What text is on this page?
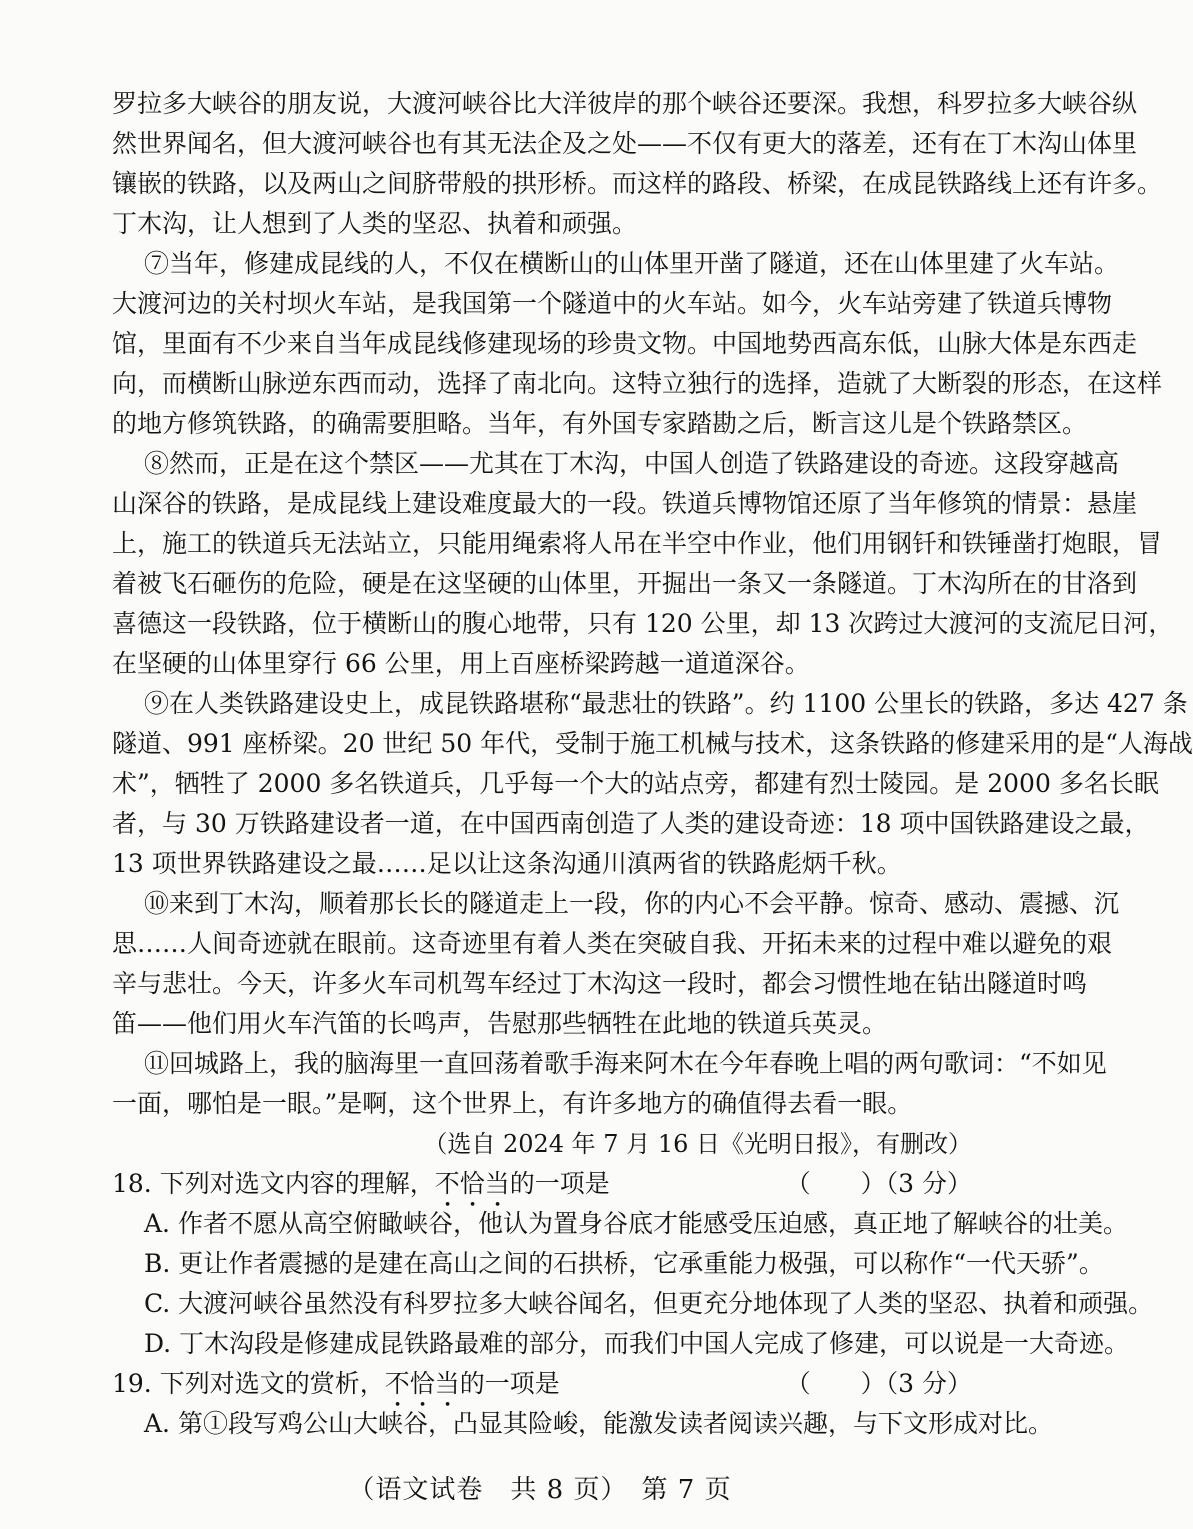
罗拉多大峡谷的朋友说，大渡河峡谷比大洋彼岸的那个峡谷还要深。我想，科罗拉多大峡谷纵
然世界闻名，但大渡河峡谷也有其无法企及之处——不仅有更大的落差，还有在丁木沟山体里
镶嵌的铁路，以及两山之间脐带般的拱形桥。而这样的路段、桥梁，在成昆铁路线上还有许多。
丁木沟，让人想到了人类的坚忍、执着和顽强。
⑦当年，修建成昆线的人，不仅在横断山的山体里开凿了隧道，还在山体里建了火车站。
大渡河边的关村坝火车站，是我国第一个隧道中的火车站。如今，火车站旁建了铁道兵博物
馆，里面有不少来自当年成昆线修建现场的珍贵文物。中国地势西高东低，山脉大体是东西走
向，而横断山脉逆东西而动，选择了南北向。这特立独行的选择，造就了大断裂的形态，在这样
的地方修筑铁路，的确需要胆略。当年，有外国专家踏勘之后，断言这儿是个铁路禁区。
⑧然而，正是在这个禁区——尤其在丁木沟，中国人创造了铁路建设的奇迹。这段穿越高
山深谷的铁路，是成昆线上建设难度最大的一段。铁道兵博物馆还原了当年修筑的情景：悬崖
上，施工的铁道兵无法站立，只能用绳索将人吊在半空中作业，他们用钢钎和铁锤凿打炮眼，冒
着被飞石砸伤的危险，硬是在这坚硬的山体里，开掘出一条又一条隧道。丁木沟所在的甘洛到
喜德这一段铁路，位于横断山的腹心地带，只有 120 公里，却 13 次跨过大渡河的支流尼日河，
在坚硬的山体里穿行 66 公里，用上百座桥梁跨越一道道深谷。
⑨在人类铁路建设史上，成昆铁路堪称“最悲壮的铁路”。约 1100 公里长的铁路，多达 427 条
隧道、991 座桥梁。20 世纪 50 年代，受制于施工机械与技术，这条铁路的修建采用的是“人海战
术”，牺牲了 2000 多名铁道兵，几乎每一个大的站点旁，都建有烈士陵园。是 2000 多名长眠
者，与 30 万铁路建设者一道，在中国西南创造了人类的建设奇迹：18 项中国铁路建设之最，
13 项世界铁路建设之最……足以让这条沟通川滇两省的铁路彪炳千秋。
⑩来到丁木沟，顺着那长长的隧道走上一段，你的内心不会平静。惊奇、感动、震撼、沉
思……人间奇迹就在眼前。这奇迹里有着人类在突破自我、开拓未来的过程中难以避免的艰
辛与悲壮。今天，许多火车司机驾车经过丁木沟这一段时，都会习惯性地在钻出隧道时鸣
笛——他们用火车汽笛的长鸣声，告慰那些牺牲在此地的铁道兵英灵。
⑪回城路上，我的脑海里一直回荡着歌手海来阿木在今年春晚上唱的两句歌词：“不如见
一面，哪怕是一眼。”是啊，这个世界上，有许多地方的确值得去看一眼。
（选自 2024 年 7 月 16 日《光明日报》，有删改）
18. 下列对选文内容的理解，不恰当的一项是	（　　）（3 分）
A. 作者不愿从高空俯瞰峡谷，他认为置身谷底才能感受压迫感，真正地了解峡谷的壮美。
B. 更让作者震撼的是建在高山之间的石拱桥，它承重能力极强，可以称作“一代天骄”。
C. 大渡河峡谷虽然没有科罗拉多大峡谷闻名，但更充分地体现了人类的坚忍、执着和顽强。
D. 丁木沟段是修建成昆铁路最难的部分，而我们中国人完成了修建，可以说是一大奇迹。
19. 下列对选文的赏析，不恰当的一项是	（　　）（3 分）
A. 第①段写鸡公山大峡谷，凸显其险峻，能激发读者阅读兴趣，与下文形成对比。
（语文试卷　共 8 页）　第 7 页
